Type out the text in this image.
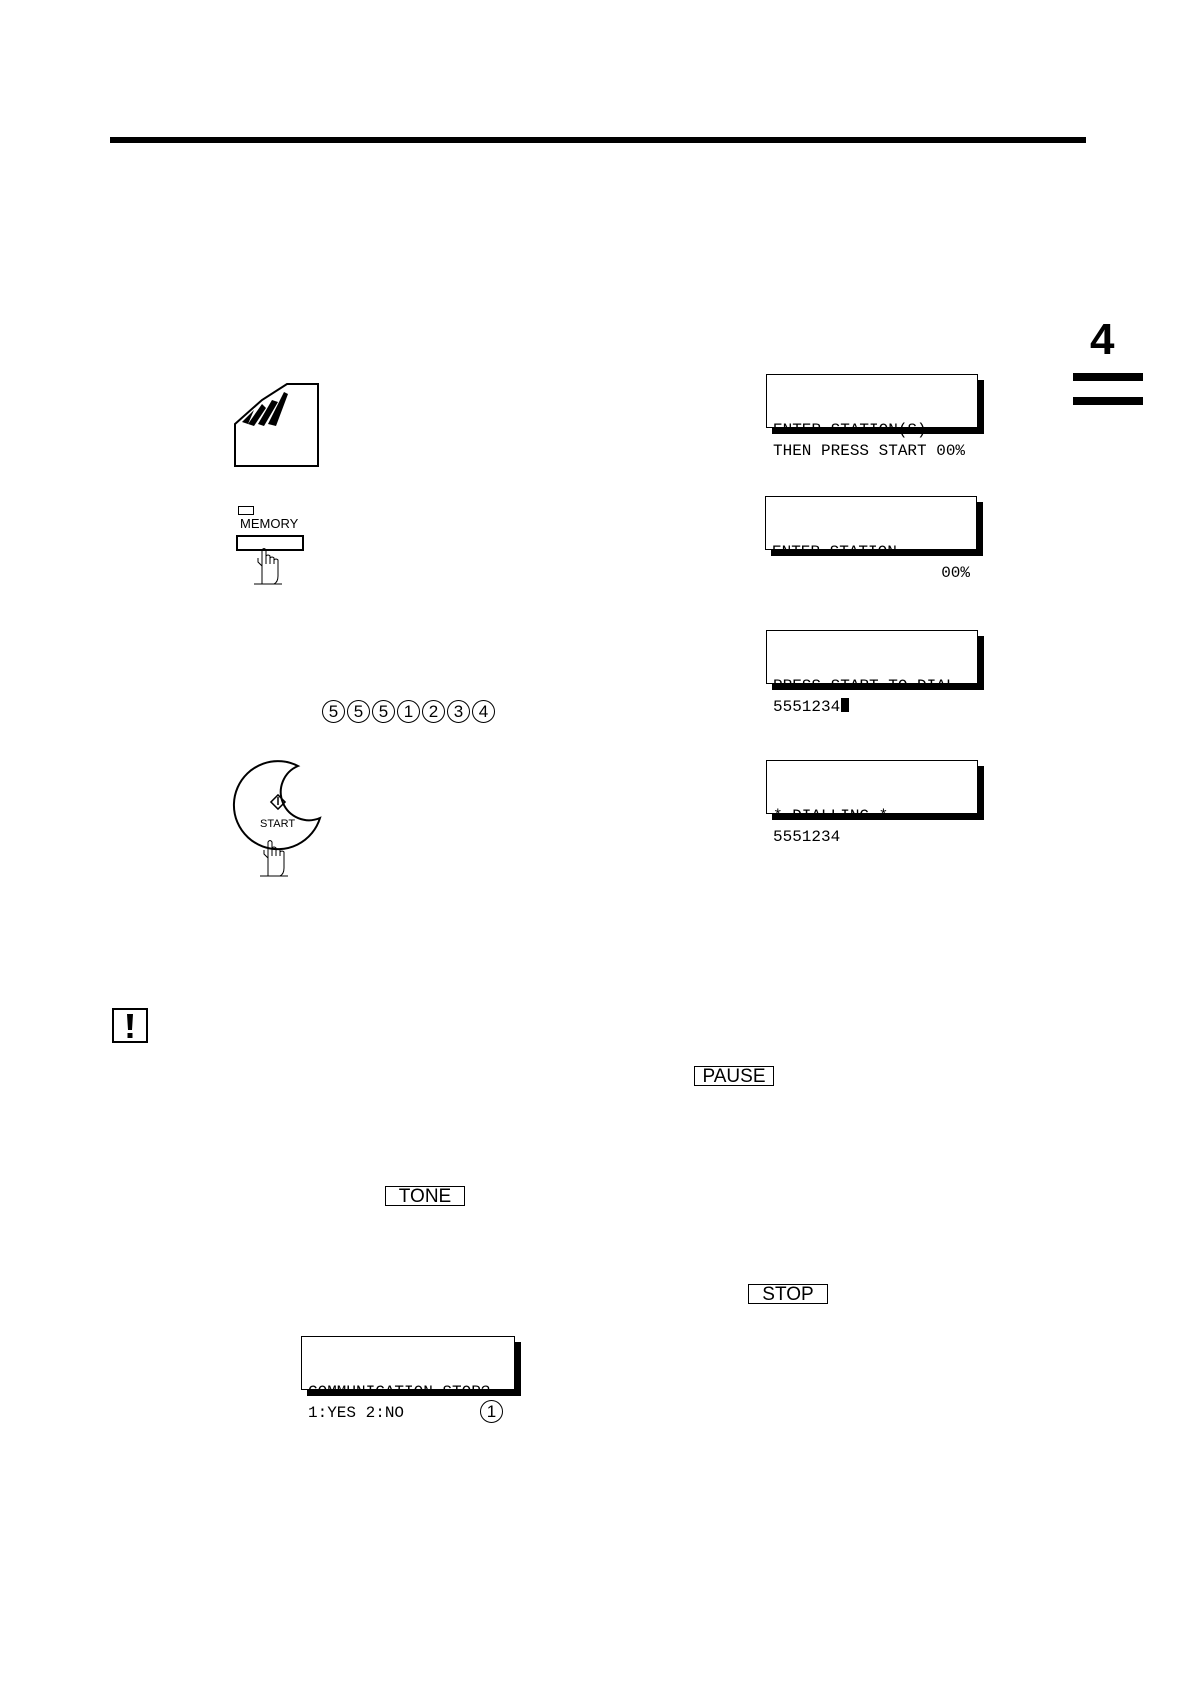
4

ENTER STATION(S)
THEN PRESS START 00%

MEMORY

ENTER STATION
00%

PRESS START TO DIAL
5551234

5 5 5 1 2 3 4
START

	* DIALLING *
5551234

PAUSE
TONE
STOP

COMMUNICATION STOP?
1:YES 2:NO	1
